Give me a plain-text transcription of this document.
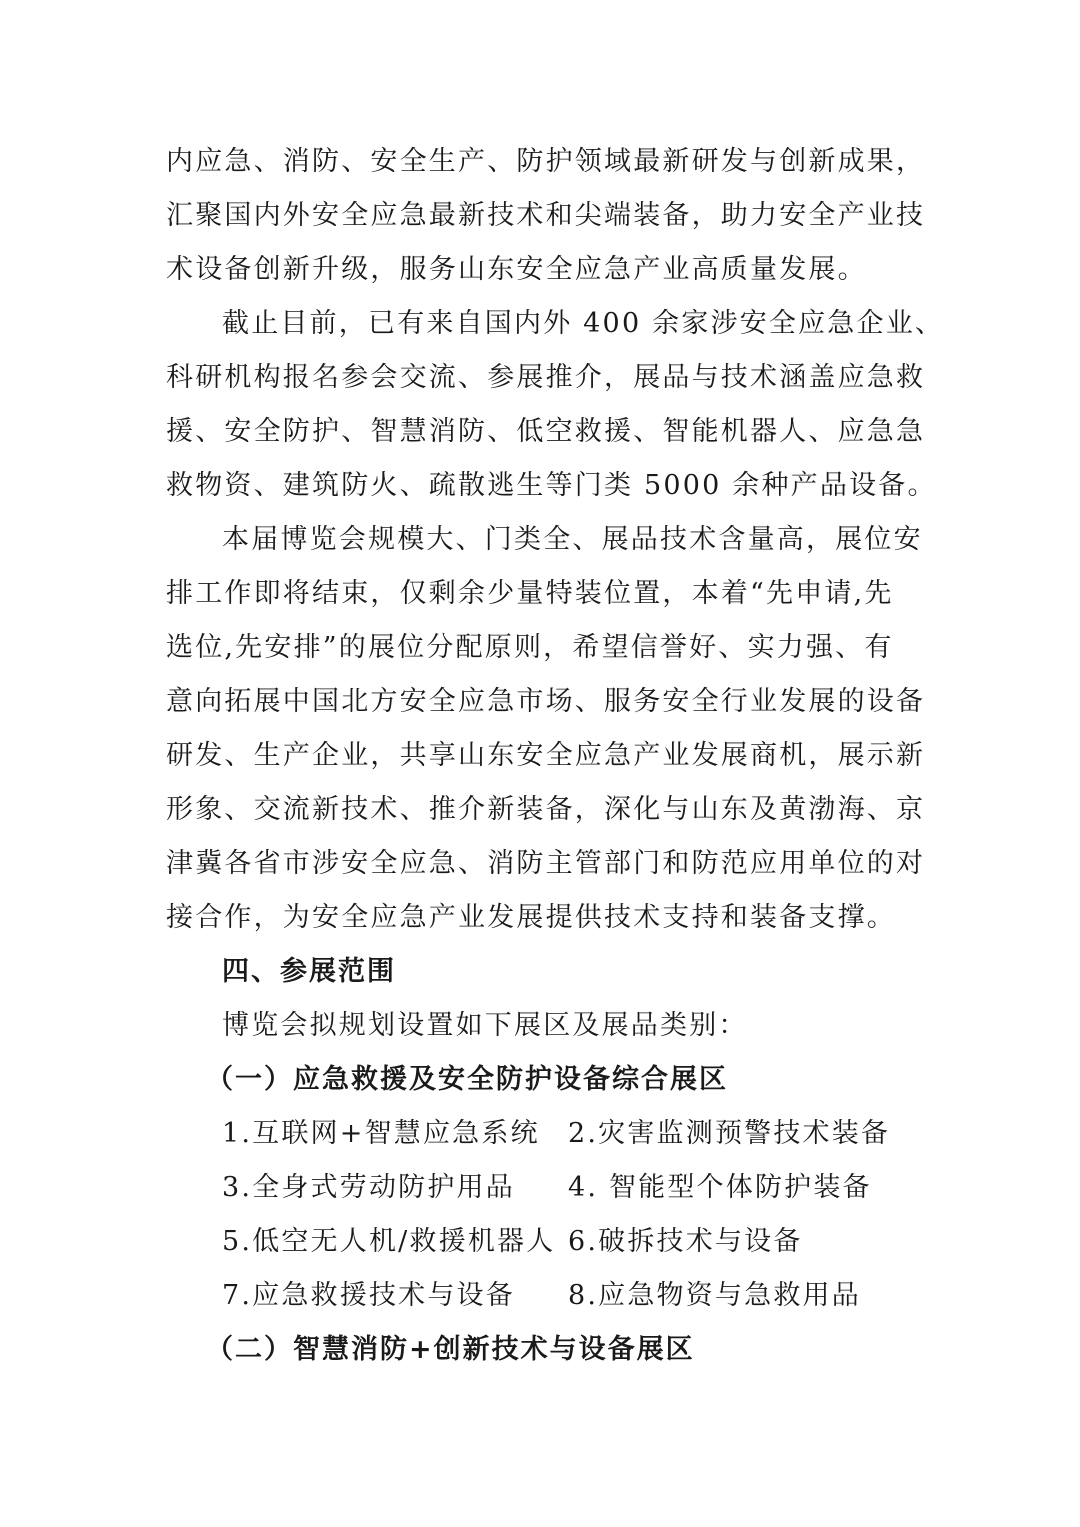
内应急、消防、安全生产、防护领域最新研发与创新成果，
汇聚国内外安全应急最新技术和尖端装备，助力安全产业技
术设备创新升级，服务山东安全应急产业高质量发展。
截止目前，已有来自国内外 400 余家涉安全应急企业、
科研机构报名参会交流、参展推介，展品与技术涵盖应急救
援、安全防护、智慧消防、低空救援、智能机器人、应急急
救物资、建筑防火、疏散逃生等门类 5000 余种产品设备。
本届博览会规模大、门类全、展品技术含量高，展位安
排工作即将结束，仅剩余少量特装位置，本着“先申请,先
选位,先安排”的展位分配原则，希望信誉好、实力强、有
意向拓展中国北方安全应急市场、服务安全行业发展的设备
研发、生产企业，共享山东安全应急产业发展商机，展示新
形象、交流新技术、推介新装备，深化与山东及黄渤海、京
津冀各省市涉安全应急、消防主管部门和防范应用单位的对
接合作，为安全应急产业发展提供技术支持和装备支撑。
四、参展范围
博览会拟规划设置如下展区及展品类别：
（一）应急救援及安全防护设备综合展区
1.互联网+智慧应急系统	2.灾害监测预警技术装备
3.全身式劳动防护用品	4. 智能型个体防护装备
5.低空无人机/救援机器人 6.破拆技术与设备
7.应急救援技术与设备	8.应急物资与急救用品
（二）智慧消防+创新技术与设备展区
